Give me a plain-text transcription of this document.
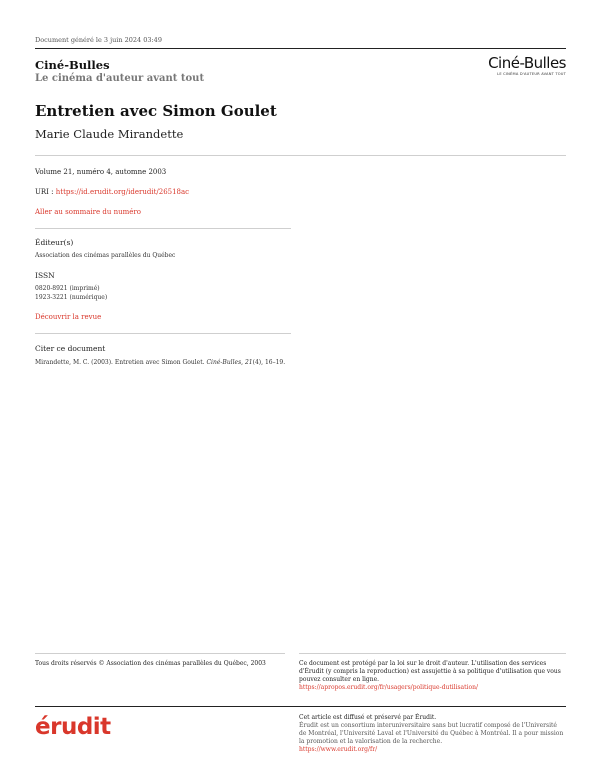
Document généré le 3 juin 2024 03:49
Ciné-Bulles
Le cinéma d'auteur avant tout
Ciné-Bulles
LE CINÉMA D'AUTEUR AVANT TOUT
Entretien avec Simon Goulet
Marie Claude Mirandette
Volume 21, numéro 4, automne 2003
URI : https://id.erudit.org/iderudit/26518ac
Aller au sommaire du numéro
Éditeur(s)
Association des cinémas parallèles du Québec
ISSN
0820-8921 (imprimé)
1923-3221 (numérique)
Découvrir la revue
Citer ce document
Mirandette, M. C. (2003). Entretien avec Simon Goulet. Ciné-Bulles, 21(4), 16–19.
Tous droits réservés © Association des cinémas parallèles du Québec, 2003	Ce document est protégé par la loi sur le droit d'auteur. L'utilisation des services d'Érudit (y compris la reproduction) est assujettie à sa politique d'utilisation que vous pouvez consulter en ligne.
https://apropos.erudit.org/fr/usagers/politique-dutilisation/
érudit	Cet article est diffusé et préservé par Érudit.
Érudit est un consortium interuniversitaire sans but lucratif composé de l'Université de Montréal, l'Université Laval et l'Université du Québec à Montréal. Il a pour mission la promotion et la valorisation de la recherche.
https://www.erudit.org/fr/
